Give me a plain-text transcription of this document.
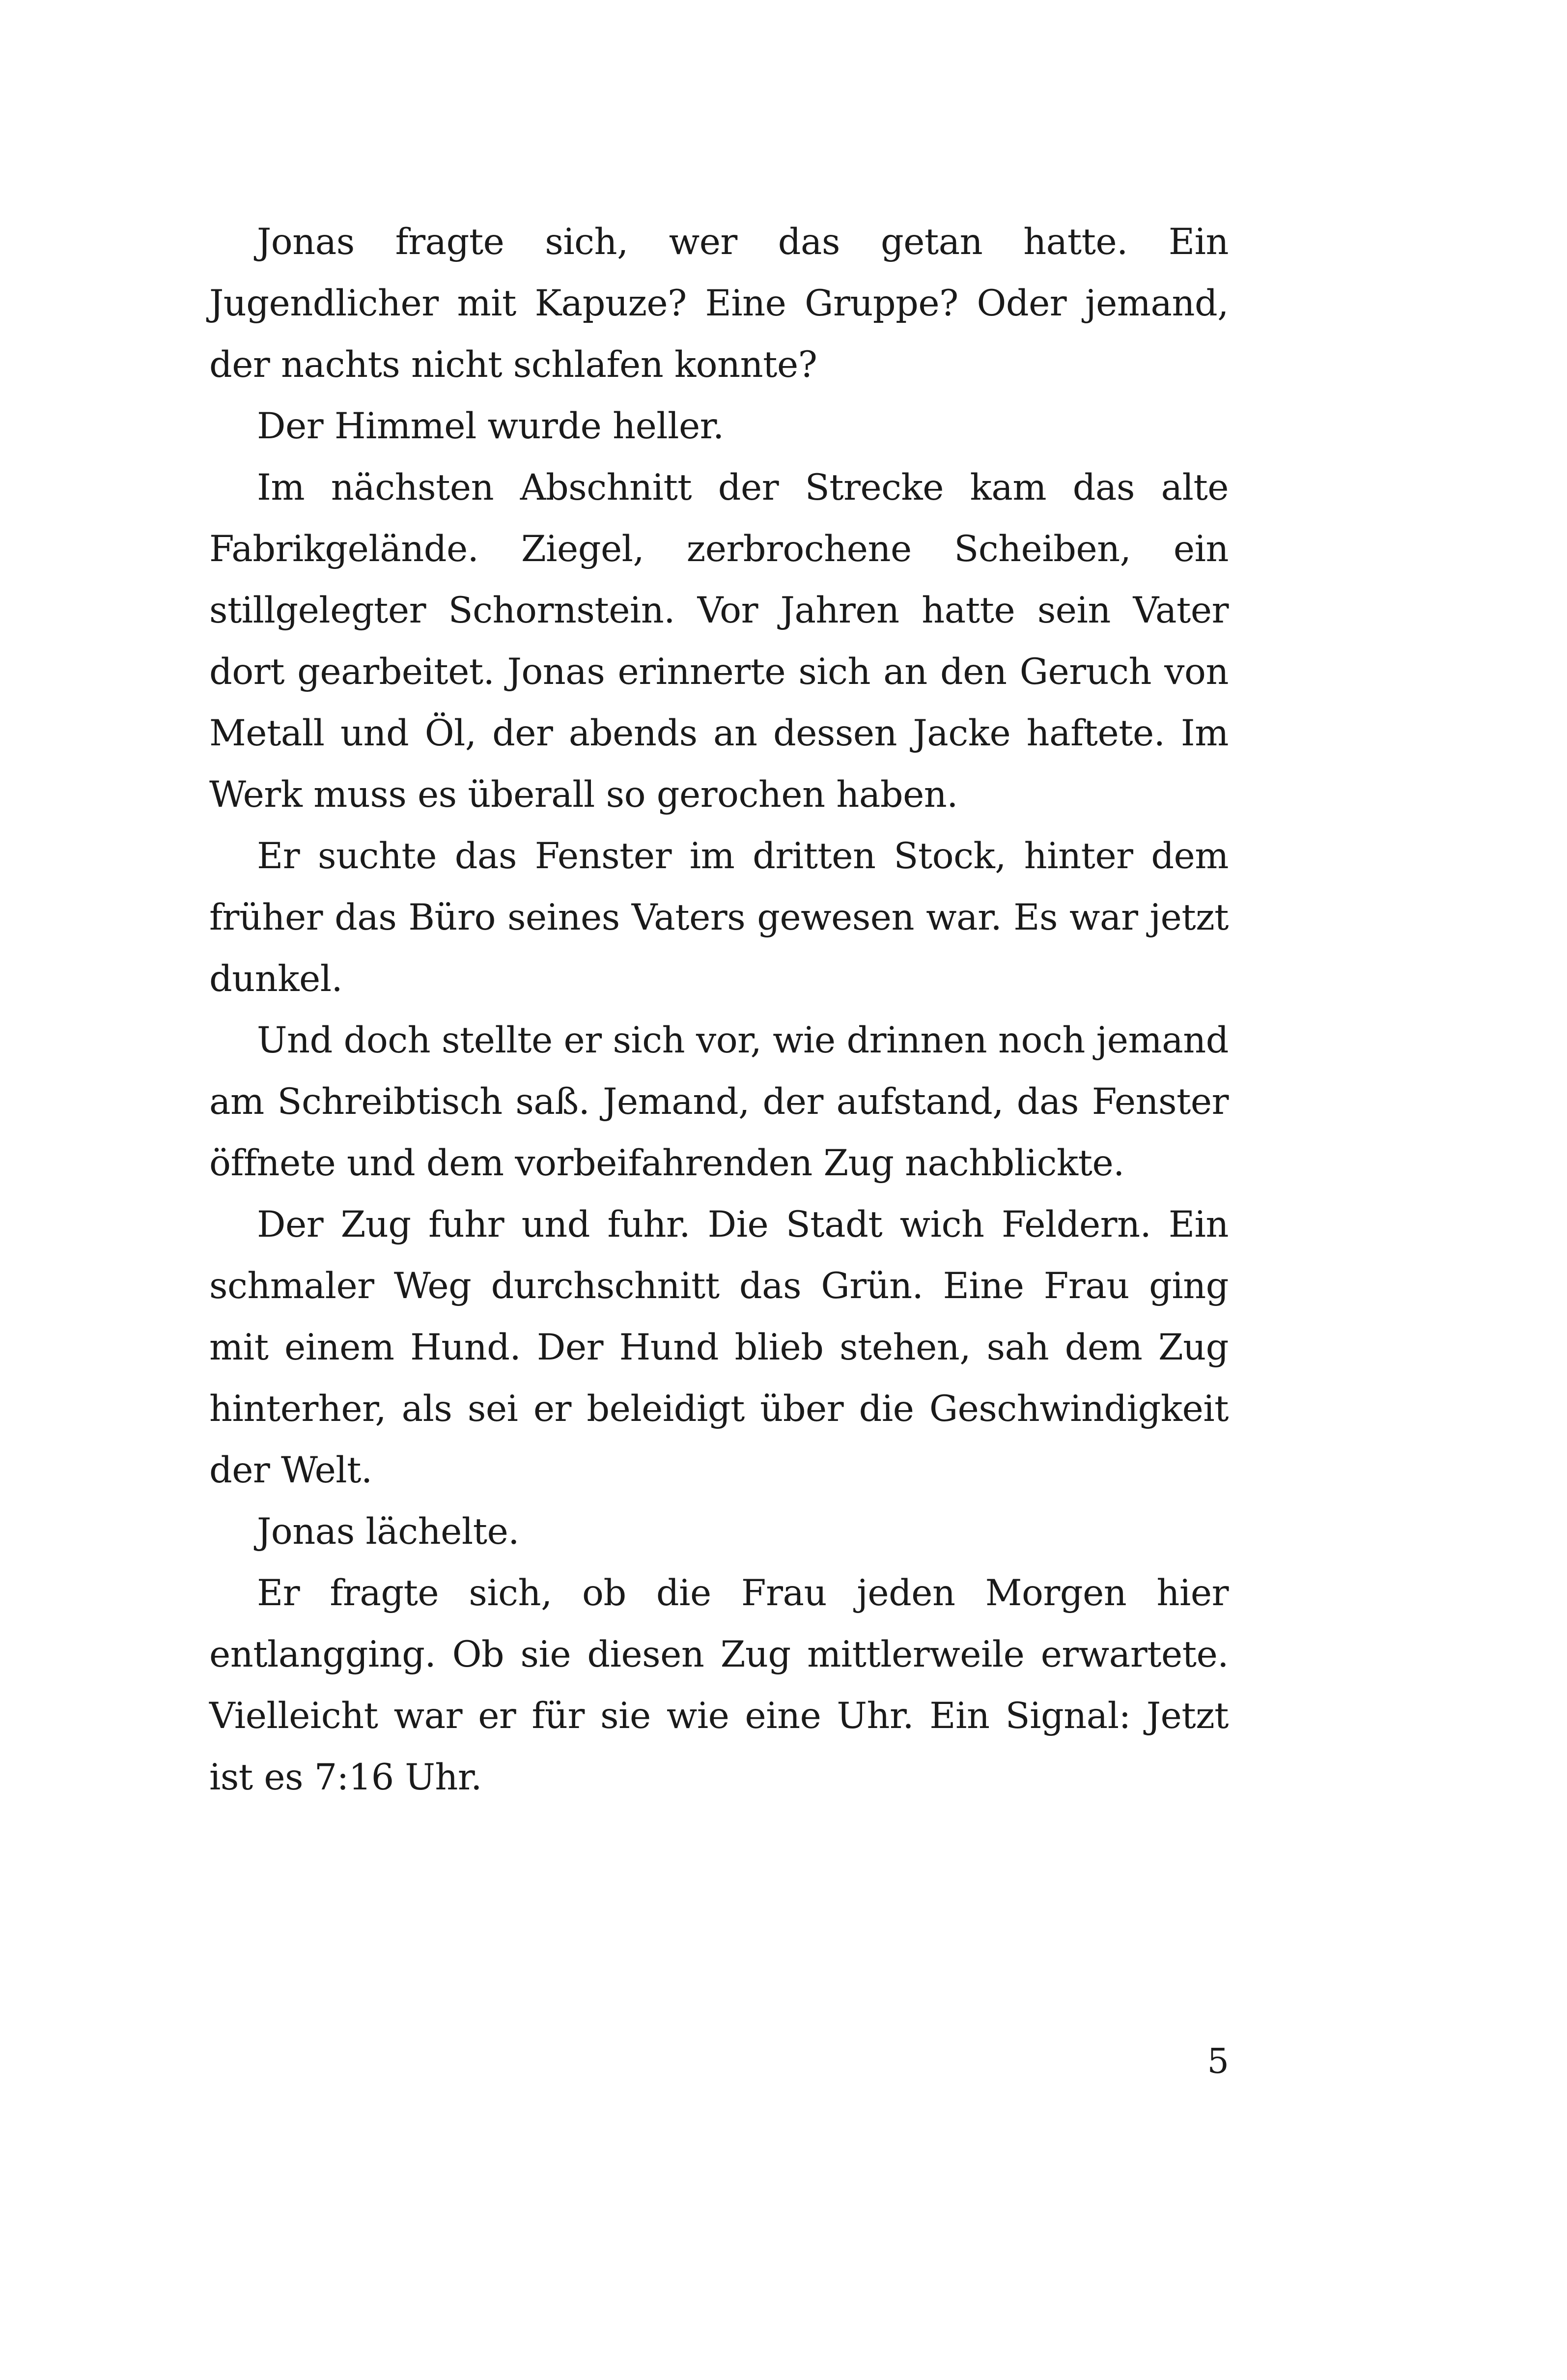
Jonas fragte sich, wer das getan hatte. Ein Jugendlicher mit Kapuze? Eine Gruppe? Oder jemand, der nachts nicht schlafen konnte?

Der Himmel wurde heller.

Im nächsten Abschnitt der Strecke kam das alte Fabrikgelände. Ziegel, zerbrochene Scheiben, ein stillgelegter Schornstein. Vor Jahren hatte sein Vater dort gearbeitet. Jonas erinnerte sich an den Geruch von Metall und Öl, der abends an dessen Jacke haftete. Im Werk muss es überall so gerochen haben.

Er suchte das Fenster im dritten Stock, hinter dem früher das Büro seines Vaters gewesen war. Es war jetzt dunkel.

Und doch stellte er sich vor, wie drinnen noch jemand am Schreibtisch saß. Jemand, der aufstand, das Fenster öffnete und dem vorbeifahrenden Zug nachblickte.

Der Zug fuhr und fuhr. Die Stadt wich Feldern. Ein schmaler Weg durchschnitt das Grün. Eine Frau ging mit einem Hund. Der Hund blieb stehen, sah dem Zug hinterher, als sei er beleidigt über die Geschwindigkeit der Welt.

Jonas lächelte.

Er fragte sich, ob die Frau jeden Morgen hier entlangging. Ob sie diesen Zug mittlerweile erwartete. Vielleicht war er für sie wie eine Uhr. Ein Signal: Jetzt ist es 7:16 Uhr.

5
